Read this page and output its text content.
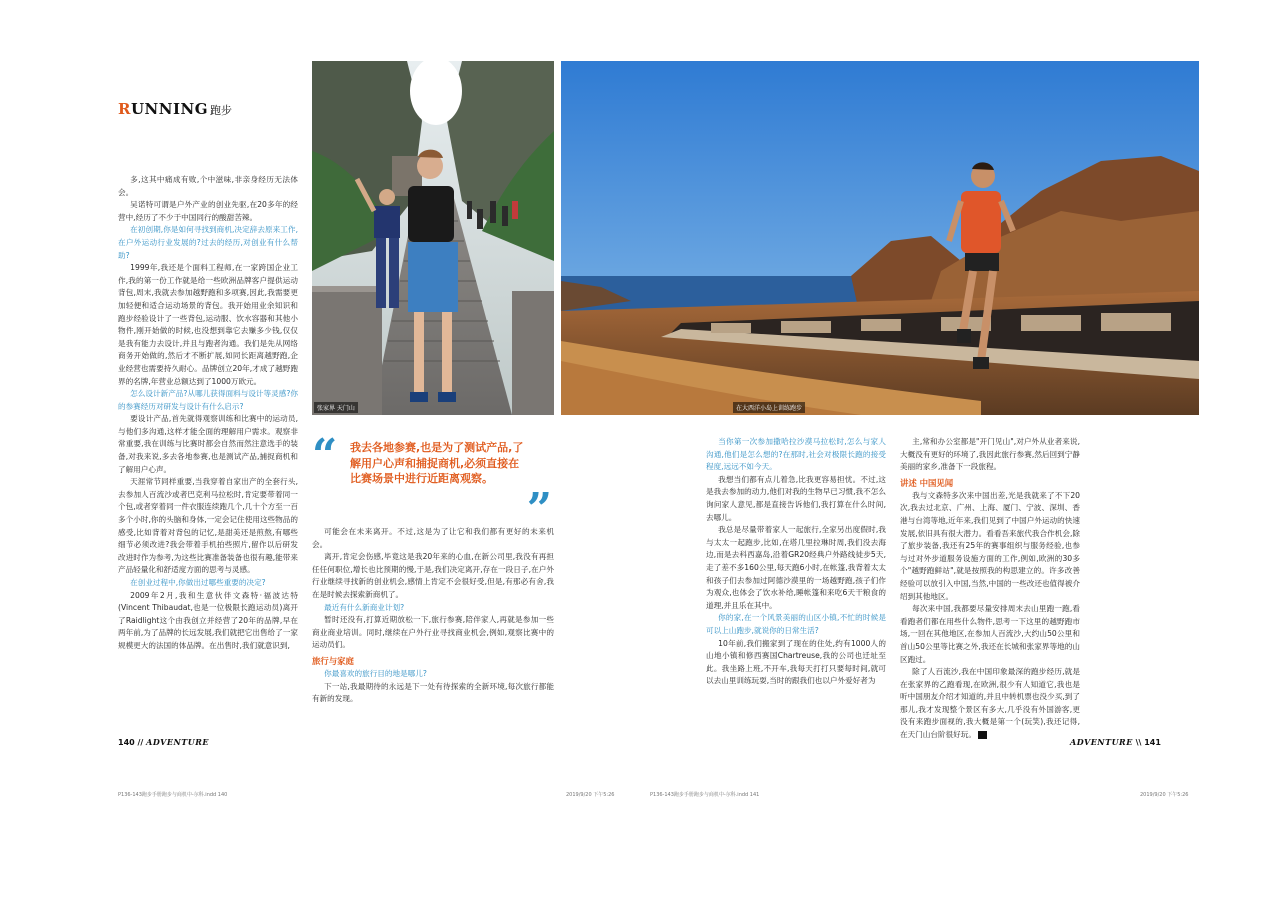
RUNNING 跑步

多,这其中痛成有败,个中滋味,非亲身经历无法体会。

吴诺特可谓是户外产业的创业先驱,在20多年的经营中,经历了不少于中国同行的酸甜苦辣。

在初创期,你是如何寻找到商机,决定辞去原来工作,在户外运动行业发展的?过去的经历,对创业有什么帮助?

1999年,我还是个面料工程师,在一家跨国企业工作,我的第一份工作就是给一些欧洲品牌客户提供运动背包,周末,我就去参加越野跑和多项赛,因此,我需要更加轻便和适合运动场景的背包。我开始用业余知识和跑步经验设计了一些背包,运动服、饮水容器和其他小物件,刚开始做的时候,也没想到靠它去赚多少钱,仅仅是我有能力去设计,并且与跑者沟通。我们是先从网络商务开始做的,然后才不断扩展,如同长距离越野跑,企业经营也需要持久耐心。品牌创立20年,才成了越野跑界的名牌,年营业总额达到了1000万欧元。

怎么设计新产品?从哪儿获得面料与设计等灵感?你的参赛经历对研发与设计有什么启示?

要设计产品,首先就得观察训练和比赛中的运动员,与他们多沟通,这样才能全面的理解用户需求。观察非常重要,我在训练与比赛时都会自然而然注意选手的装备,对我来说,多去各地参赛,也是测试产品,捕捉商机和了解用户心声。

天涯常节同样重要,当我穿着自家出产的全套行头,去参加人百流沙或者巴克利马拉松时,肯定要带着同一个包,或者穿着同一件衣服连续跑几个,几十个方至一百多个小时,你的头脑和身体,一定会记住使用这些物品的感受,比如背着对背包的记忆,是甜美还是煎熬,有哪些细节必须改进?我会带着手机拍些照片,留作以后研发改进时作为参考,为这些比赛准备装备也很有趣,能带来产品轻量化和舒适度方面的思考与灵感。

在创业过程中,你做出过哪些重要的决定?

2009年2月,我和生意伙伴文森特·福波达特(Vincent Thibaudat,也是一位极限长跑运动员)离开了Raidlight这个由我创立并经营了20年的品牌,早在两年前,为了品牌的长远发展,我们就把它出售给了一家规模更大的法国的体品牌。在出售时,我们就意识到,

张家界 天门山	在大西洋小岛上训练跑步
“ 我去各地参赛,也是为了测试产品,了解用户心声和捕捉商机,必须直接在比赛场景中进行近距离观察。
”

可能会在未来离开。不过,这是为了让它和我们都有更好的未来机会。

离开,肯定会伤感,毕竟这是我20年来的心血,在新公司里,我没有再担任任何职位,增长也比预期的慢,于是,我们决定离开,存在一段日子,在户外行业继续寻找新的创业机会,感情上肯定不会很好受,但是,有那必有舍,我在是时候去探索新商机了。

最近有什么新商业计划?

暂时还没有,打算近期放松一下,旅行参赛,陪伴家人,再就是参加一些商业商业培训。同时,继续在户外行业寻找商业机会,例如,观察比赛中的运动员们。

旅行与家庭

你最喜欢的旅行目的地是哪儿?

下一站,我最期待的永远是下一处有待探索的全新环境,每次旅行都能有新的发现。

当你第一次参加撒哈拉沙漠马拉松时,怎么与家人沟通,他们是怎么想的?在那时,社会对极限长跑的接受程度,远远不如今天。

我想当们都有点儿着急,比我更容易担忧。不过,这是我去参加的动力,他们对我的生物早已习惯,我不怎么询问家人意见,都是直接告诉他们,我打算在什么时间,去哪儿。

我总是尽量带着家人一起旅行,全家另出度假时,我与太太一起跑步,比如,在塔几里拉琳时周,我们没去海边,而是去科西嘉岛,沿着GR20经典户外路线徒步5天,走了差不多160公里,每天跑6小时,在帐篷,我背着太太和孩子们去参加过阿德沙漠里的一场越野跑,孩子们作为观众,也体会了饮水补给,睡帐篷和来吃6天干粮食的道理,并且乐在其中。

你的家,在一个风景美丽的山区小镇,不忙的时候是可以上山跑步,就说你的日常生活?

10年前,我们搬家到了现在的住处,约有1000人的山地小镇和修西赛国Chartreuse,我的公司也迁址至此。我坐路上班,不开车,我每天打打只要每时间,就可以去山里训练玩耍,当时的跟我们也以户外爱好者为

主,常和办公室都是"开门见山",对户外从业者来说,大概没有更好的环境了,我因此旅行参赛,然后回到宁静美丽的家乡,准备下一段旅程。

讲述 中国见闻

我与文森特多次来中国出差,光是我就来了不下20次,我去过北京、广州、上海、厦门、宁波、深圳、香港与台湾等地,近年来,我们见到了中国户外运动的快速发展,依旧具有很大潜力。看看吾来旅代我合作机会,除了旅步装备,我还有25年的赛事组织与服务经验,也参与过对外步道服务设施方面的工作,例如,欧洲的30多个"越野跑鲜站",就是按照我的构思建立的。许多改善经验可以放引入中国,当然,中国的一些改还也值得被介绍到其他地区。

每次来中国,我都要尽量安排周末去山里跑一跑,看看跑者们都在用些什么物件,思考一下这里的越野跑市场,一回在其他地区,在参加人百流沙,大约山50公里和首山50公里等比赛之外,我还在长城和张家界等地的山区跑过。

除了人百流沙,我在中国印象最深的跑步经历,就是在张家界的乙跑看现,在欧洲,很少有人知道它,我也是听中国朋友介绍才知道的,并且中转机票也没少买,到了那儿,我才发现整个景区有多大,几乎没有外国游客,更没有来跑步面视的,我大概是第一个(玩笑),我还记得,在天门山台阶很好玩。 A

140 // ADVENTURE	ADVENTURE \\ 141
P136-143跑步手册跑步与商机中-尔科.indd 140	2019/9/20 下午5:26	P136-143跑步手册跑步与商机中-尔科.indd 141	2019/9/20 下午5:26
